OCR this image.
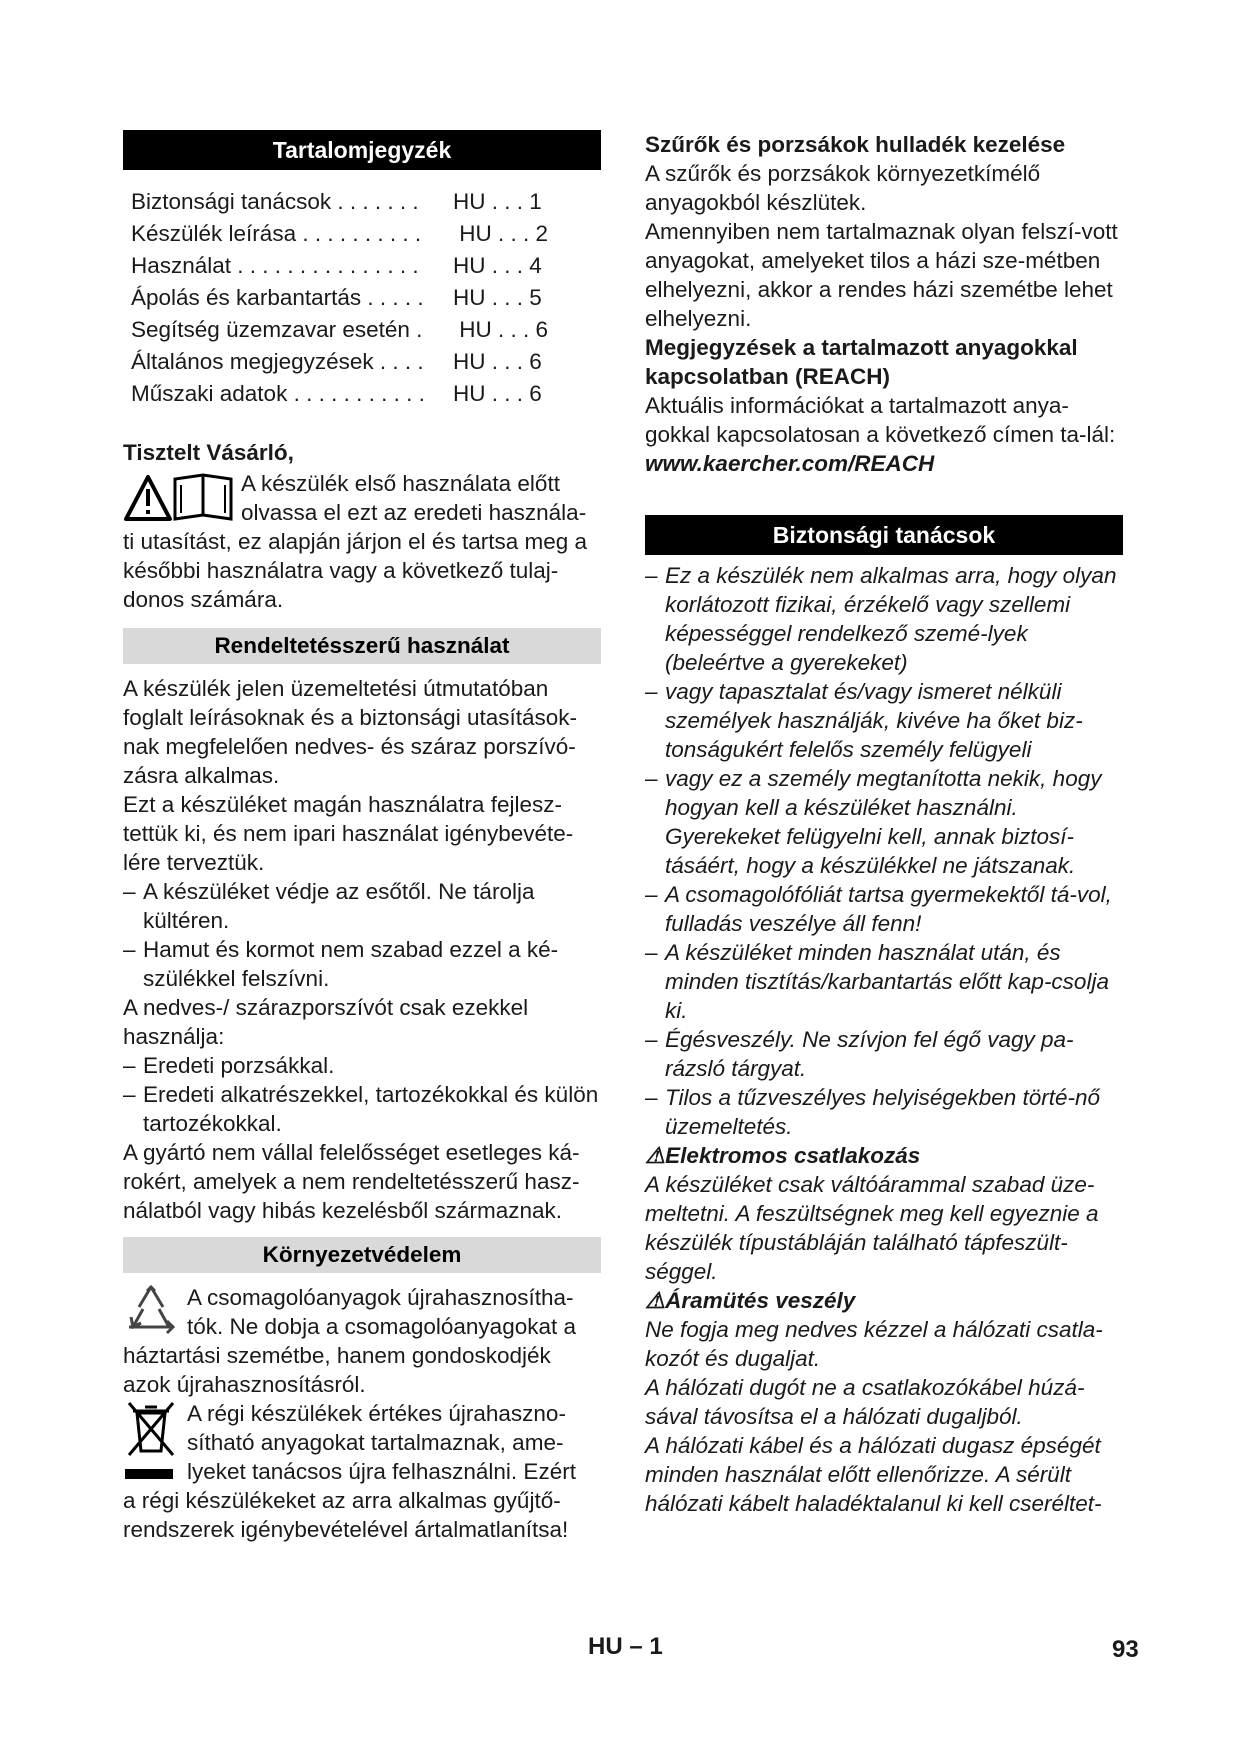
Tartalomjegyzék
Biztonsági tanácsok . . . . . . .	HU . . . 1
Készülék leírása . . . . . . . . . .	HU . . . 2
Használat . . . . . . . . . . . . . . .	HU . . . 4
Ápolás és karbantartás . . . . .	HU . . . 5
Segítség üzemzavar esetén .	HU . . . 6
Általános megjegyzések . . . .	HU . . . 6
Műszaki adatok . . . . . . . . . . .	HU . . . 6
Tisztelt Vásárló,
A készülék első használata előtt
olvassa el ezt az eredeti használa-
ti utasítást, ez alapján járjon el és tartsa meg a későbbi használatra vagy a következő tulaj-donos számára.
Rendeltetésszerű használat
A készülék jelen üzemeltetési útmutatóban foglalt leírásoknak és a biztonsági utasítások-nak megfelelően nedves- és száraz porszívó-zásra alkalmas.
Ezt a készüléket magán használatra fejlesz-tettük ki, és nem ipari használat igénybevéte-lére terveztük.
– A készüléket védje az esőtől. Ne tárolja kültéren.
– Hamut és kormot nem szabad ezzel a ké-szülékkel felszívni.
A nedves-/ szárazporszívót csak ezekkel használja:
– Eredeti porzsákkal.
– Eredeti alkatrészekkel, tartozékokkal és külön tartozékokkal.
A gyártó nem vállal felelősséget esetleges ká-rokért, amelyek a nem rendeltetésszerű hasz-nálatból vagy hibás kezelésből származnak.
Környezetvédelem
A csomagolóanyagok újrahasznosítha-
tók. Ne dobja a csomagolóanyagokat a
háztartási szemétbe, hanem gondoskodjék azok újrahasznosításról.
A régi készülékek értékes újrahaszno-
sítható anyagokat tartalmaznak, ame-
lyeket tanácsos újra felhasználni. Ezért
a régi készülékeket az arra alkalmas gyűjtő-rendszerek igénybevételével ártalmatlanítsa!
Szűrők és porzsákok hulladék kezelése
A szűrők és porzsákok környezetkímélő anyagokból készlütek.
Amennyiben nem tartalmaznak olyan felszí-vott anyagokat, amelyeket tilos a házi sze-métben elhelyezni, akkor a rendes házi szemétbe lehet elhelyezni.
Megjegyzések a tartalmazott anyagokkal kapcsolatban (REACH)
Aktuális információkat a tartalmazott anya-gokkal kapcsolatosan a következő címen ta-lál:
www.kaercher.com/REACH
Biztonsági tanácsok
– Ez a készülék nem alkalmas arra, hogy olyan korlátozott fizikai, érzékelő vagy szellemi képességgel rendelkező szemé-lyek (beleértve a gyerekeket)
– vagy tapasztalat és/vagy ismeret nélküli személyek használják, kivéve ha őket biz-tonságukért felelős személy felügyeli
– vagy ez a személy megtanította nekik, hogy hogyan kell a készüléket használni. Gyerekeket felügyelni kell, annak biztosí-tásáért, hogy a készülékkel ne játszanak.
– A csomagolófóliát tartsa gyermekektől tá-vol, fulladás veszélye áll fenn!
– A készüléket minden használat után, és minden tisztítás/karbantartás előtt kap-csolja ki.
– Égésveszély. Ne szívjon fel égő vagy pa-rázsló tárgyat.
– Tilos a tűzveszélyes helyiségekben törté-nő üzemeltetés.
⚠Elektromos csatlakozás
A készüléket csak váltóárammal szabad üze-meltetni. A feszültségnek meg kell egyeznie a készülék típustábláján található tápfeszült-séggel.
⚠Áramütés veszély
Ne fogja meg nedves kézzel a hálózati csatla-kozót és dugaljat.
A hálózati dugót ne a csatlakozókábel húzá-sával távosítsa el a hálózati dugaljból.
A hálózati kábel és a hálózati dugasz épségét minden használat előtt ellenőrizze. A sérült hálózati kábelt haladéktalanul ki kell cseréltet-
HU – 1	93
